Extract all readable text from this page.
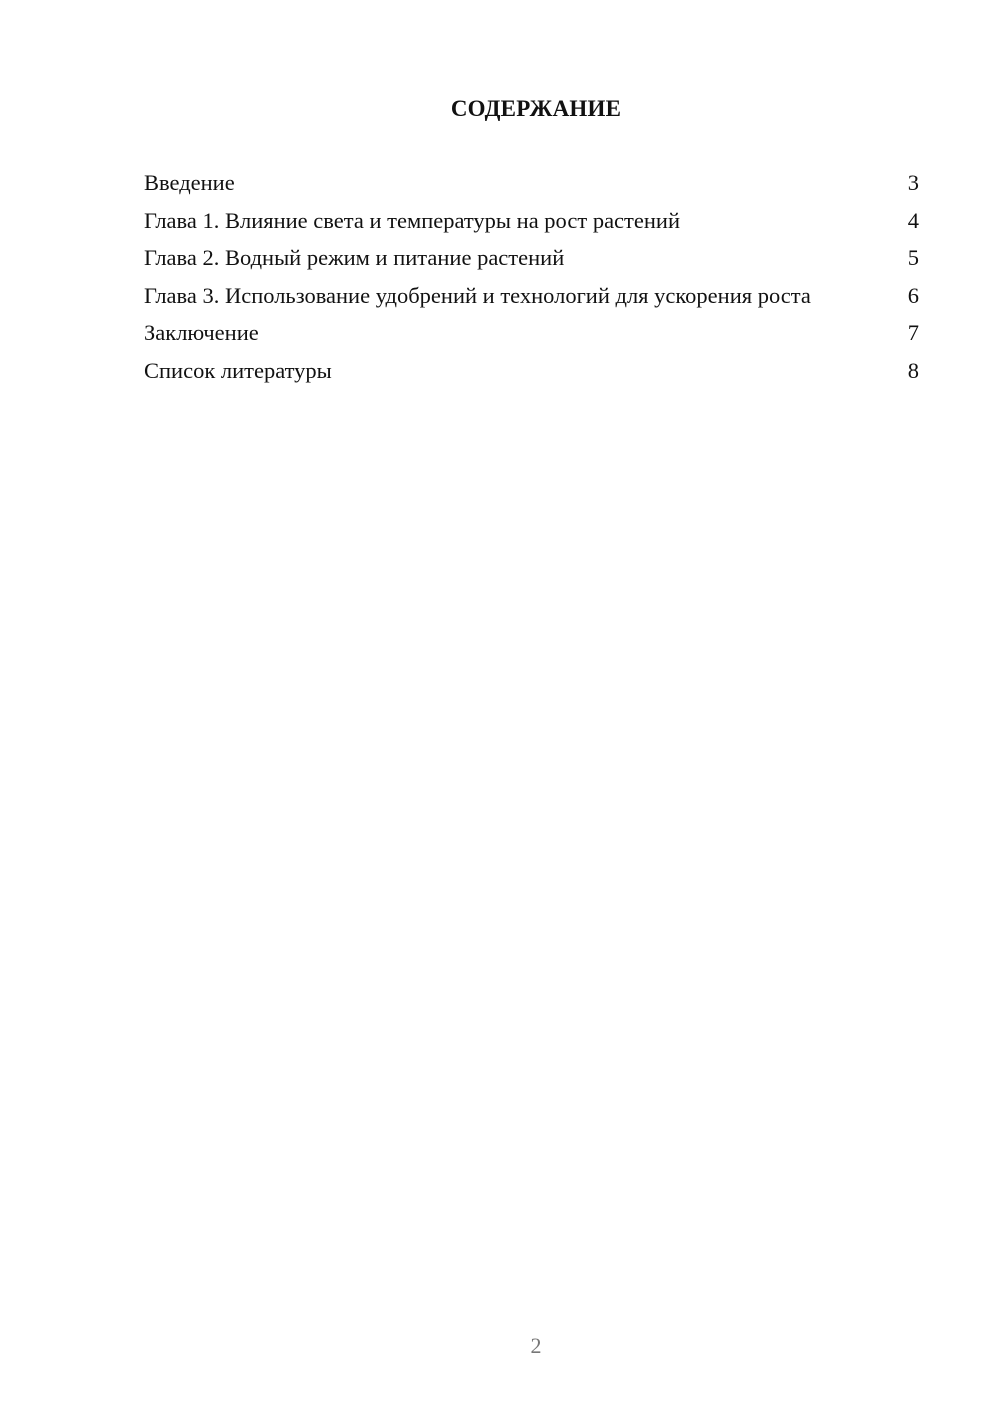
СОДЕРЖАНИЕ
Введение	3
Глава 1. Влияние света и температуры на рост растений	4
Глава 2. Водный режим и питание растений	5
Глава 3. Использование удобрений и технологий для ускорения роста	6
Заключение	7
Список литературы	8
2
